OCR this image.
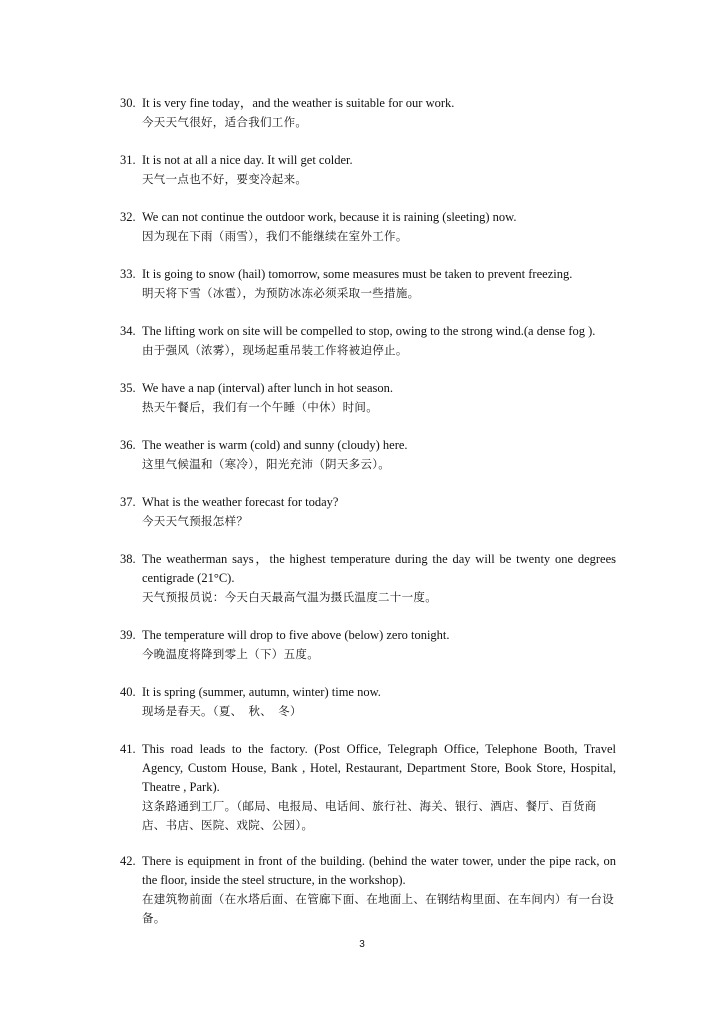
30. It is very fine today，and the weather is suitable for our work.
今天天气很好，适合我们工作。
31. It is not at all a nice day. It will get colder.
天气一点也不好，要变冷起来。
32. We can not continue the outdoor work, because it is raining (sleeting) now.
因为现在下雨（雨雪），我们不能继续在室外工作。
33. It is going to snow (hail) tomorrow, some measures must be taken to prevent freezing.
明天将下雪（冰雹），为预防冰冻必须采取一些措施。
34. The lifting work on site will be compelled to stop, owing to the strong wind.(a dense fog ).
由于强风（浓雾），现场起重吊装工作将被迫停止。
35. We have a nap (interval) after lunch in hot season.
热天午餐后，我们有一个午睡（中休）时间。
36. The weather is warm (cold) and sunny (cloudy) here.
这里气候温和（寒冷），阳光充沛（阴天多云）。
37. What is the weather forecast for today?
今天天气预报怎样？
38. The weatherman says，the highest temperature during the day will be twenty one degrees centigrade (21°C).
天气预报员说：今天白天最高气温为摄氏温度二十一度。
39. The temperature will drop to five above (below) zero tonight.
今晚温度将降到零上（下）五度。
40. It is spring (summer, autumn, winter) time now.
现场是春天。（夏、　秋、　冬）
41. This road leads to the factory. (Post Office, Telegraph Office, Telephone Booth, Travel Agency, Custom House, Bank , Hotel, Restaurant, Department Store, Book Store, Hospital, Theatre , Park).
这条路通到工厂。（邮局、电报局、电话间、旅行社、海关、银行、酒店、餐厅、百货商店、书店、医院、戏院、公园）。
42. There is equipment in front of the building. (behind the water tower, under the pipe rack, on the floor, inside the steel structure, in the workshop).
在建筑物前面（在水塔后面、在管廊下面、在地面上、在钢结构里面、在车间内）有一台设备。
3
